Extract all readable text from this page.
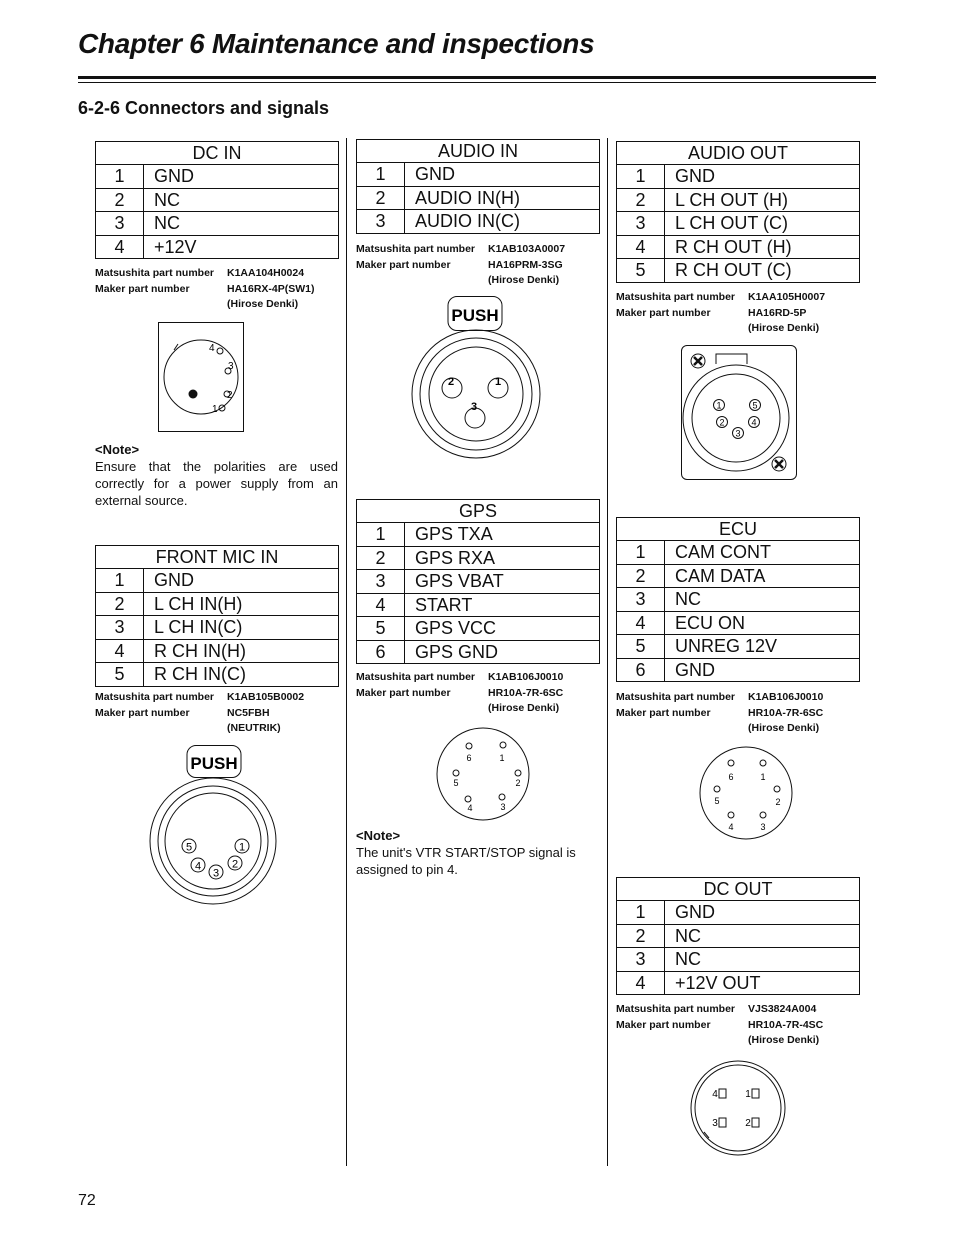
Chapter 6 Maintenance and inspections
6-2-6 Connectors and signals
DC IN
1	GND
2	NC
3	NC
4	+12V
Matsushita part number	K1AA104H0024
Maker part number	HA16RX-4P(SW1)
(Hirose Denki)
4
3
2
1
<Note>
Ensure that the polarities are used correctly for a power supply from an external source.
FRONT MIC IN
1	GND
2	L CH IN(H)
3	L CH IN(C)
4	R CH IN(H)
5	R CH IN(C)
Matsushita part number	K1AB105B0002
Maker part number	NC5FBH
(NEUTRIK)
PUSH
5	1
4	2
3
AUDIO IN
1	GND
2	AUDIO IN(H)
3	AUDIO IN(C)
Matsushita part number	K1AB103A0007
Maker part number	HA16PRM-3SG
(Hirose Denki)
PUSH
2	1
3
GPS
1	GPS TXA
2	GPS RXA
3	GPS VBAT
4	START
5	GPS VCC
6	GPS GND
Matsushita part number	K1AB106J0010
Maker part number	HR10A-7R-6SC
(Hirose Denki)
6	1
5	2
4	3
<Note>
The unit's VTR START/STOP signal is assigned to pin 4.
AUDIO OUT
1	GND
2	L CH OUT (H)
3	L CH OUT (C)
4	R CH OUT (H)
5	R CH OUT (C)
Matsushita part number	K1AA105H0007
Maker part number	HA16RD-5P
(Hirose Denki)
1	5
2	4
3
ECU
1	CAM CONT
2	CAM DATA
3	NC
4	ECU ON
5	UNREG 12V
6	GND
Matsushita part number	K1AB106J0010
Maker part number	HR10A-7R-6SC
(Hirose Denki)
6	1
5	2
4	3
DC OUT
1	GND
2	NC
3	NC
4	+12V OUT
Matsushita part number	VJS3824A004
Maker part number	HR10A-7R-4SC
(Hirose Denki)
4	1
3	2
72
